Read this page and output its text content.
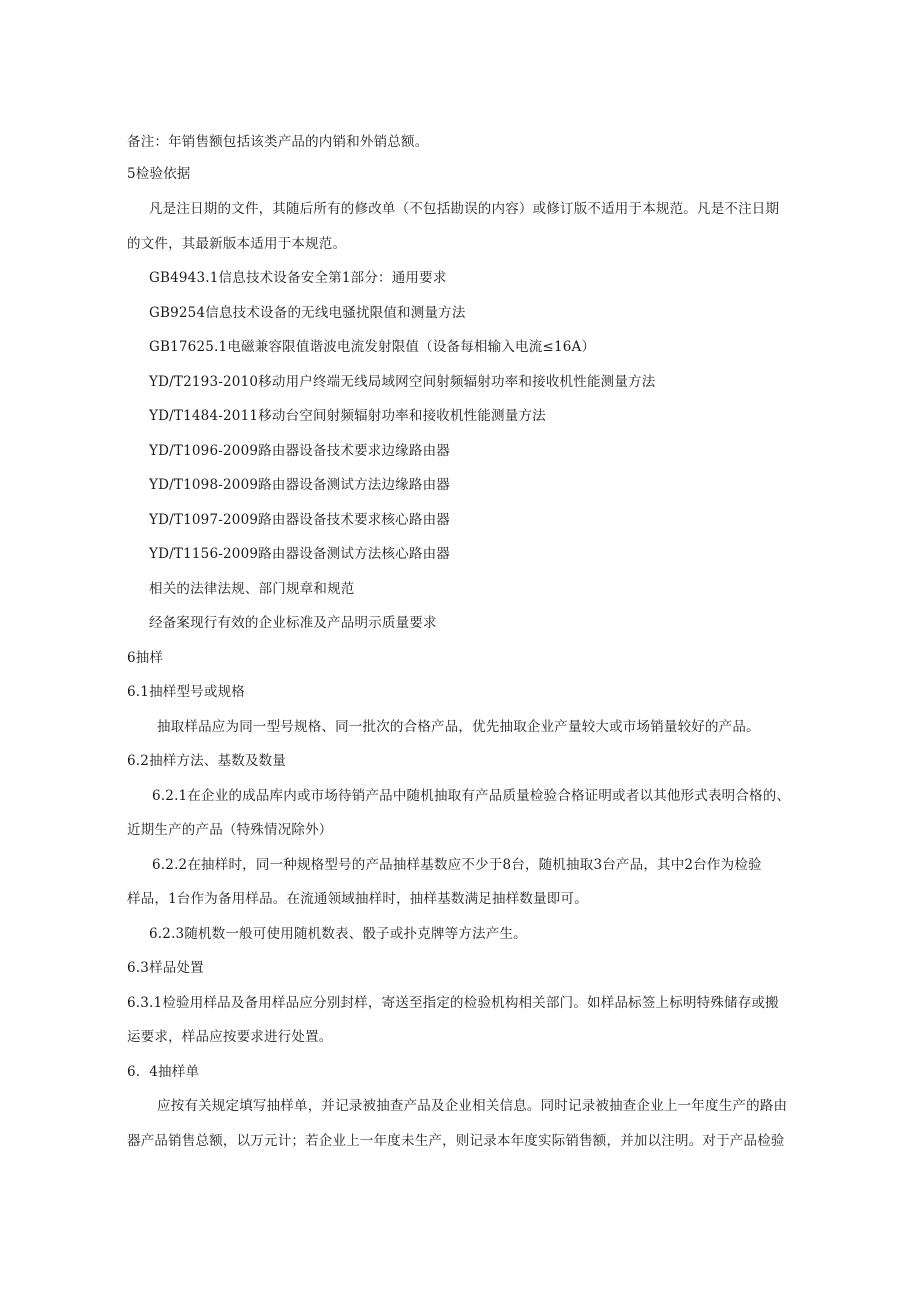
备注：年销售额包括该类产品的内销和外销总额。
5检验依据
凡是注日期的文件，其随后所有的修改单（不包括勘误的内容）或修订版不适用于本规范。凡是不注日期
的文件，其最新版本适用于本规范。
GB4943.1信息技术设备安全第1部分：通用要求
GB9254信息技术设备的无线电骚扰限值和测量方法
GB17625.1电磁兼容限值谐波电流发射限值（设备每相输入电流≤16A）
YD/T2193-2010移动用户终端无线局域网空间射频辐射功率和接收机性能测量方法
YD/T1484-2011移动台空间射频辐射功率和接收机性能测量方法
YD/T1096-2009路由器设备技术要求边缘路由器
YD/T1098-2009路由器设备测试方法边缘路由器
YD/T1097-2009路由器设备技术要求核心路由器
YD/T1156-2009路由器设备测试方法核心路由器
相关的法律法规、部门规章和规范
经备案现行有效的企业标准及产品明示质量要求
6抽样
6.1抽样型号或规格
抽取样品应为同一型号规格、同一批次的合格产品，优先抽取企业产量较大或市场销量较好的产品。
6.2抽样方法、基数及数量
6.2.1在企业的成品库内或市场待销产品中随机抽取有产品质量检验合格证明或者以其他形式表明合格的、
近期生产的产品（特殊情况除外）
6.2.2在抽样时，同一种规格型号的产品抽样基数应不少于8台，随机抽取3台产品，其中2台作为检验
样品，1台作为备用样品。在流通领域抽样时，抽样基数满足抽样数量即可。
6.2.3随机数一般可使用随机数表、骰子或扑克牌等方法产生。
6.3样品处置
6.3.1检验用样品及备用样品应分别封样，寄送至指定的检验机构相关部门。如样品标签上标明特殊储存或搬
运要求，样品应按要求进行处置。
6.  4抽样单
应按有关规定填写抽样单，并记录被抽查产品及企业相关信息。同时记录被抽查企业上一年度生产的路由
器产品销售总额，以万元计；若企业上一年度未生产，则记录本年度实际销售额，并加以注明。对于产品检验
